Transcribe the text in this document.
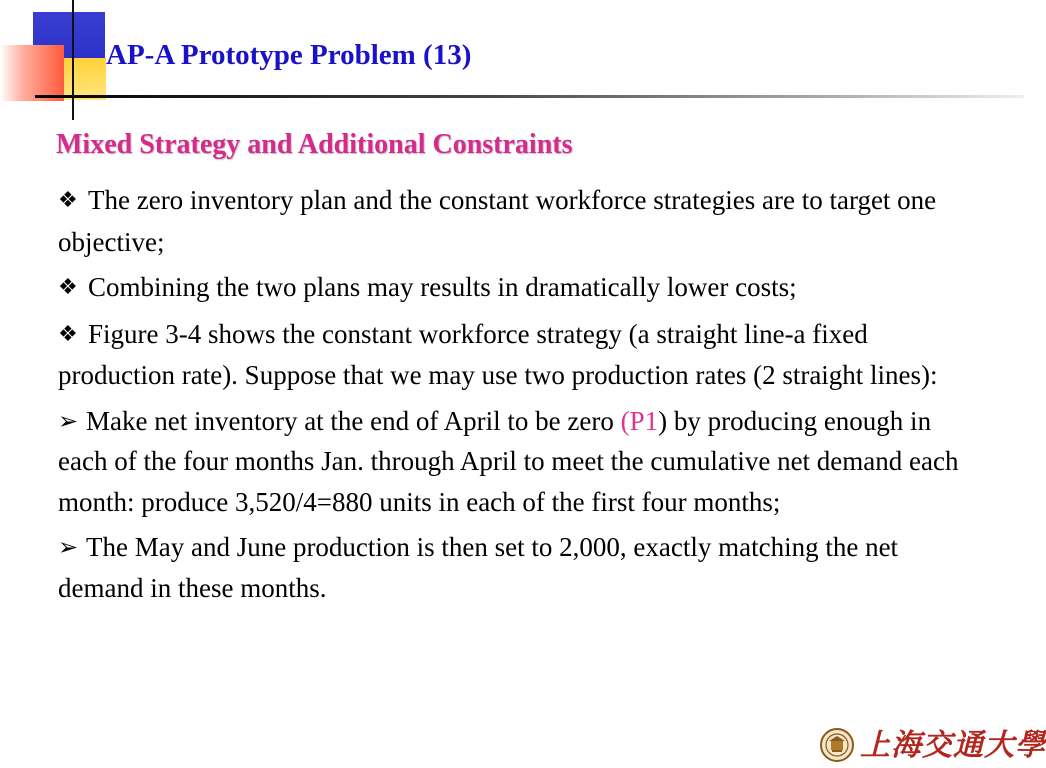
AP-A Prototype Problem (13)
Mixed Strategy and Additional Constraints

❖ The zero inventory plan and the constant workforce strategies are to target one objective;

❖ Combining the two plans may results in dramatically lower costs;

❖ Figure 3-4 shows the constant workforce strategy (a straight line-a fixed production rate). Suppose that we may use two production rates (2 straight lines):

➢ Make net inventory at the end of April to be zero (P1) by producing enough in each of the four months Jan. through April to meet the cumulative net demand each month: produce 3,520/4=880 units in each of the first four months;

➢ The May and June production is then set to 2,000, exactly matching the net demand in these months.

上海交通大學
